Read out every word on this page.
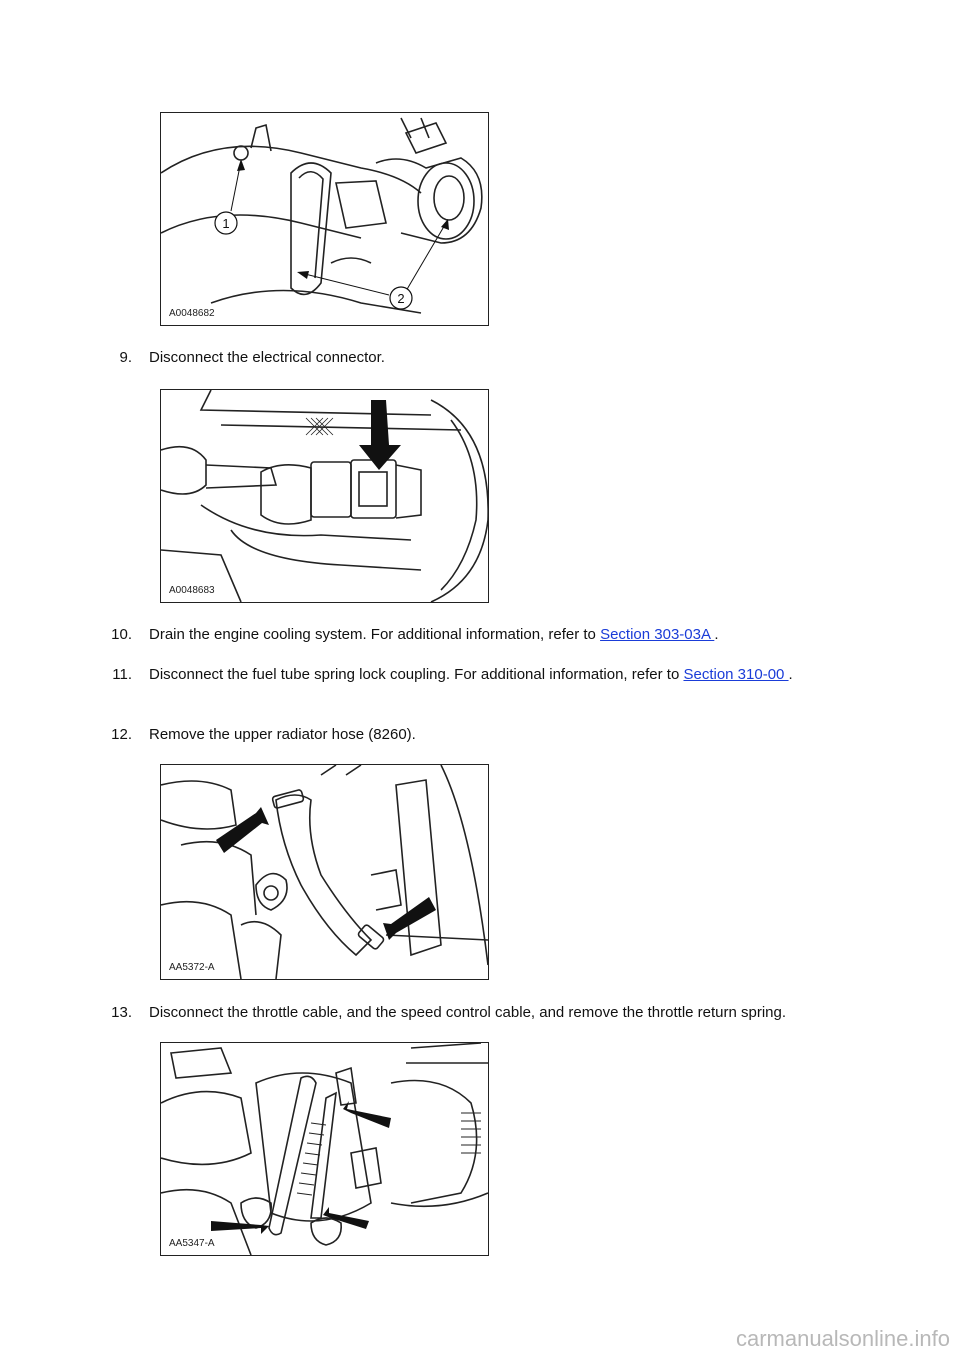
1
2
A0048682
9.	Disconnect the electrical connector.
A0048683
10.	Drain the engine cooling system. For additional information, refer to Section 303-03A .
11.	Disconnect the fuel tube spring lock coupling. For additional information, refer to Section 310-00 .
12.	Remove the upper radiator hose (8260).
AA5372-A
13.	Disconnect the throttle cable, and the speed control cable, and remove the throttle return spring.
AA5347-A
carmanualsonline.info
